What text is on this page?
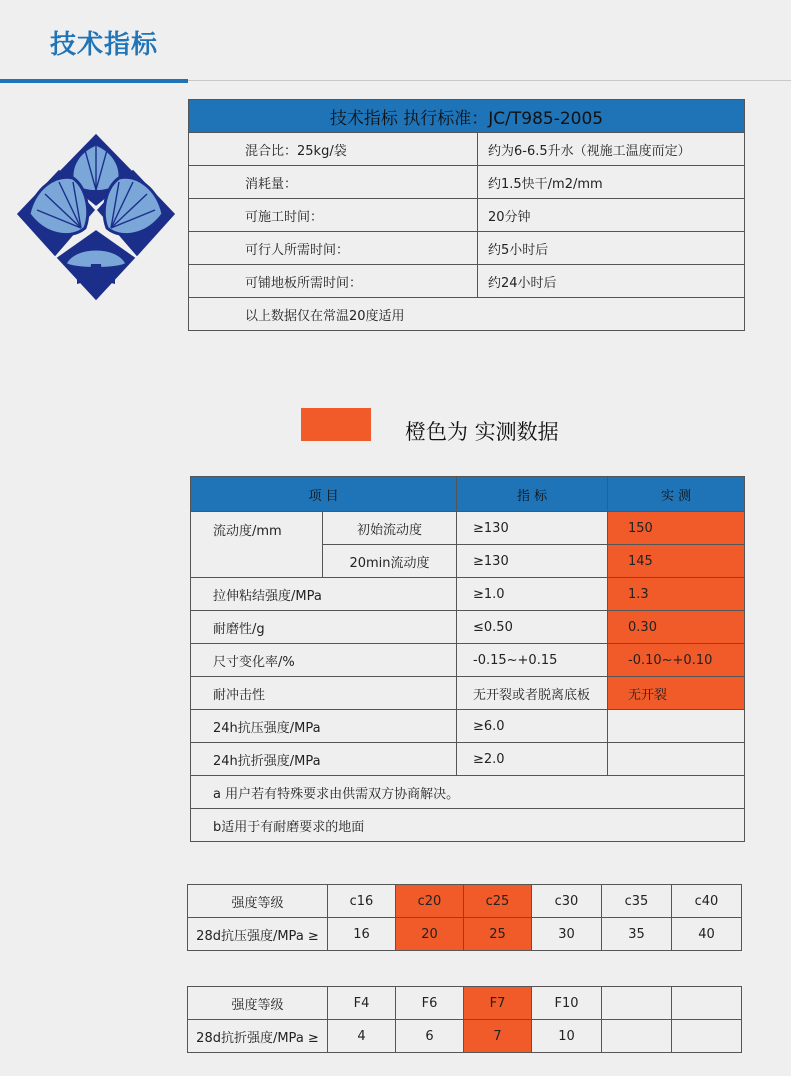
技术指标
技术指标 执行标准：JC/T985-2005	
混合比：25kg/袋	约为6-6.5升水（视施工温度而定）
消耗量：	约1.5快干/m2/mm
可施工时间：	20分钟
可行人所需时间：	约5小时后
可铺地板所需时间：	约24小时后
以上数据仅在常温20度适用	
橙色为 实测数据
项 目		指 标	实 测
流动度/mm	初始流动度	≥130	150
	20min流动度	≥130	145
拉伸粘结强度/MPa		≥1.0	1.3
耐磨性/g		≤0.50	0.30
尺寸变化率/%		-0.15~+0.15	-0.10~+0.10
耐冲击性		无开裂或者脱离底板	无开裂
24h抗压强度/MPa		≥6.0	
24h抗折强度/MPa		≥2.0	
a 用户若有特殊要求由供需双方协商解决。			
b适用于有耐磨要求的地面			
强度等级	c16	c20	c25	c30	c35	c40
28d抗压强度/MPa ≥	16	20	25	30	35	40
强度等级	F4	F6	F7	F10		
28d抗折强度/MPa ≥	4	6	7	10		
